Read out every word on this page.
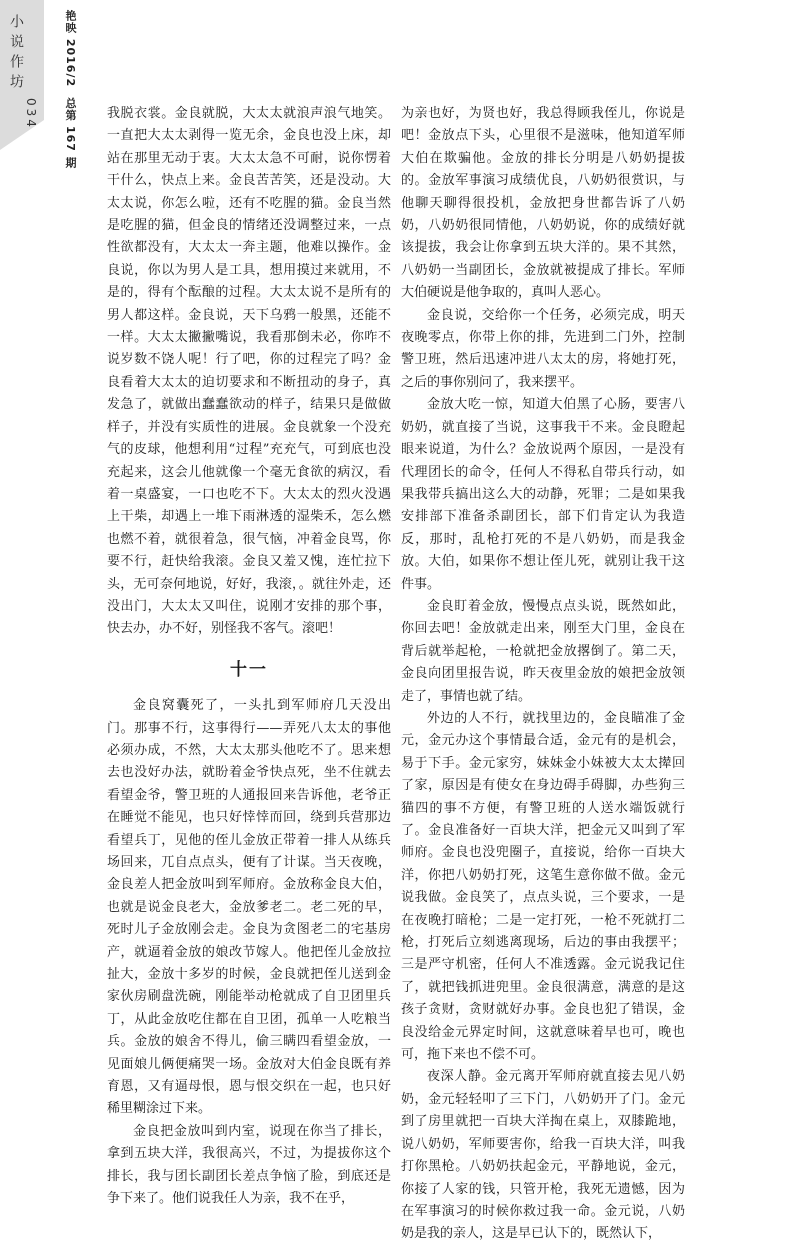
小说作坊
034
艳映 2016/2总第 167 期 我脱衣裳。金良就脱，大太太就浪声浪气地笑。一直把大太太剥得一览无余，金良也没上床，却站在那里无动于衷。大太太急不可耐，说你愣着干什么，快点上来。金良苦苦笑，还是没动。大太太说，你怎么啦，还有不吃腥的猫。金良当然是吃腥的猫，但金良的情绪还没调整过来，一点性欲都没有，大太太一奔主题，他难以操作。金良说，你以为男人是工具，想用摸过来就用，不是的，得有个酝酿的过程。大太太说不是所有的男人都这样。金良说，天下乌鸦一般黑，还能不一样。大太太撇撇嘴说，我看那倒未必，你咋不说岁数不饶人呢！行了吧，你的过程完了吗？金良看着大太太的迫切要求和不断扭动的身子，真发急了，就做出蠢蠢欲动的样子，结果只是做做样子，并没有实质性的进展。金良就象一个没充气的皮球，他想利用“过程”充充气，可到底也没充起来，这会儿他就像一个毫无食欲的病汉，看着一桌盛宴，一口也吃不下。大太太的烈火没遇上干柴，却遇上一堆下雨淋透的湿柴禾，怎么燃也燃不着，就很着急，很气恼，冲着金良骂，你要不行，赶快给我滚。金良又羞又愧，连忙拉下头，无可奈何地说，好好，我滚，。就往外走，还没出门，大太太又叫住，说刚才安排的那个事，快去办，办不好，别怪我不客气。滚吧！

十一

金良窝囊死了，一头扎到军师府几天没出门。那事不行，这事得行——弄死八太太的事他必须办成，不然，大太太那头他吃不了。思来想去也没好办法，就盼着金爷快点死，坐不住就去看望金爷，警卫班的人通报回来告诉他，老爷正在睡觉不能见，也只好悻悻而回，绕到兵营那边看望兵丁，见他的侄儿金放正带着一排人从练兵场回来，兀自点点头，便有了计谋。当天夜晚，金良差人把金放叫到军师府。金放称金良大伯，也就是说金良老大，金放爹老二。老二死的早，死时儿子金放刚会走。金良为贪图老二的宅基房产，就逼着金放的娘改节嫁人。他把侄儿金放拉扯大，金放十多岁的时候，金良就把侄儿送到金家伙房刷盘洗碗，刚能举动枪就成了自卫团里兵丁，从此金放吃住都在自卫团，孤单一人吃粮当兵。金放的娘舍不得儿，偷三瞒四看望金放，一见面娘儿俩便痛哭一场。金放对大伯金良既有养育恩，又有逼母恨，恩与恨交织在一起，也只好稀里糊涂过下来。

金良把金放叫到内室，说现在你当了排长，拿到五块大洋，我很高兴，不过，为提拔你这个排长，我与团长副团长差点争恼了脸，到底还是争下来了。他们说我任人为亲，我不在乎，

为亲也好，为贤也好，我总得顾我侄儿，你说是吧！金放点下头，心里很不是滋味，他知道军师大伯在欺骗他。金放的排长分明是八奶奶提拔的。金放军事演习成绩优良，八奶奶很赏识，与他聊天聊得很投机，金放把身世都告诉了八奶奶，八奶奶很同情他，八奶奶说，你的成绩好就该提拔，我会让你拿到五块大洋的。果不其然，八奶奶一当副团长，金放就被提成了排长。军师大伯硬说是他争取的，真叫人恶心。

金良说，交给你一个任务，必须完成，明天夜晚零点，你带上你的排，先进到二门外，控制警卫班，然后迅速冲进八太太的房，将她打死，之后的事你别问了，我来摆平。

金放大吃一惊，知道大伯黑了心肠，要害八奶奶，就直接了当说，这事我干不来。金良瞪起眼来说道，为什么？金放说两个原因，一是没有代理团长的命令，任何人不得私自带兵行动，如果我带兵搞出这么大的动静，死罪；二是如果我安排部下准备杀副团长，部下们肯定认为我造反，那时，乱枪打死的不是八奶奶，而是我金放。大伯，如果你不想让侄儿死，就别让我干这件事。

金良盯着金放，慢慢点点头说，既然如此，你回去吧！金放就走出来，刚至大门里，金良在背后就举起枪，一枪就把金放撂倒了。第二天，金良向团里报告说，昨天夜里金放的娘把金放领走了，事情也就了结。

外边的人不行，就找里边的，金良瞄准了金元，金元办这个事情最合适，金元有的是机会，易于下手。金元家穷，妹妹金小妹被大太太撵回了家，原因是有使女在身边碍手碍脚，办些狗三猫四的事不方便，有警卫班的人送水端饭就行了。金良准备好一百块大洋，把金元又叫到了军师府。金良也没兜圈子，直接说，给你一百块大洋，你把八奶奶打死，这笔生意你做不做。金元说我做。金良笑了，点点头说，三个要求，一是在夜晚打暗枪；二是一定打死，一枪不死就打二枪，打死后立刻逃离现场，后边的事由我摆平；三是严守机密，任何人不准透露。金元说我记住了，就把钱抓进兜里。金良很满意，满意的是这孩子贪财，贪财就好办事。金良也犯了错误，金良没给金元界定时间，这就意味着早也可，晚也可，拖下来也不偿不可。

夜深人静。金元离开军师府就直接去见八奶奶，金元轻轻叩了三下门，八奶奶开了门。金元到了房里就把一百块大洋掏在桌上，双膝跪地，说八奶奶，军师要害你，给我一百块大洋，叫我打你黑枪。八奶奶扶起金元，平静地说，金元，你接了人家的钱，只管开枪，我死无遗憾，因为在军事演习的时候你救过我一命。金元说，八奶奶是我的亲人，这是早已认下的，既然认下，
